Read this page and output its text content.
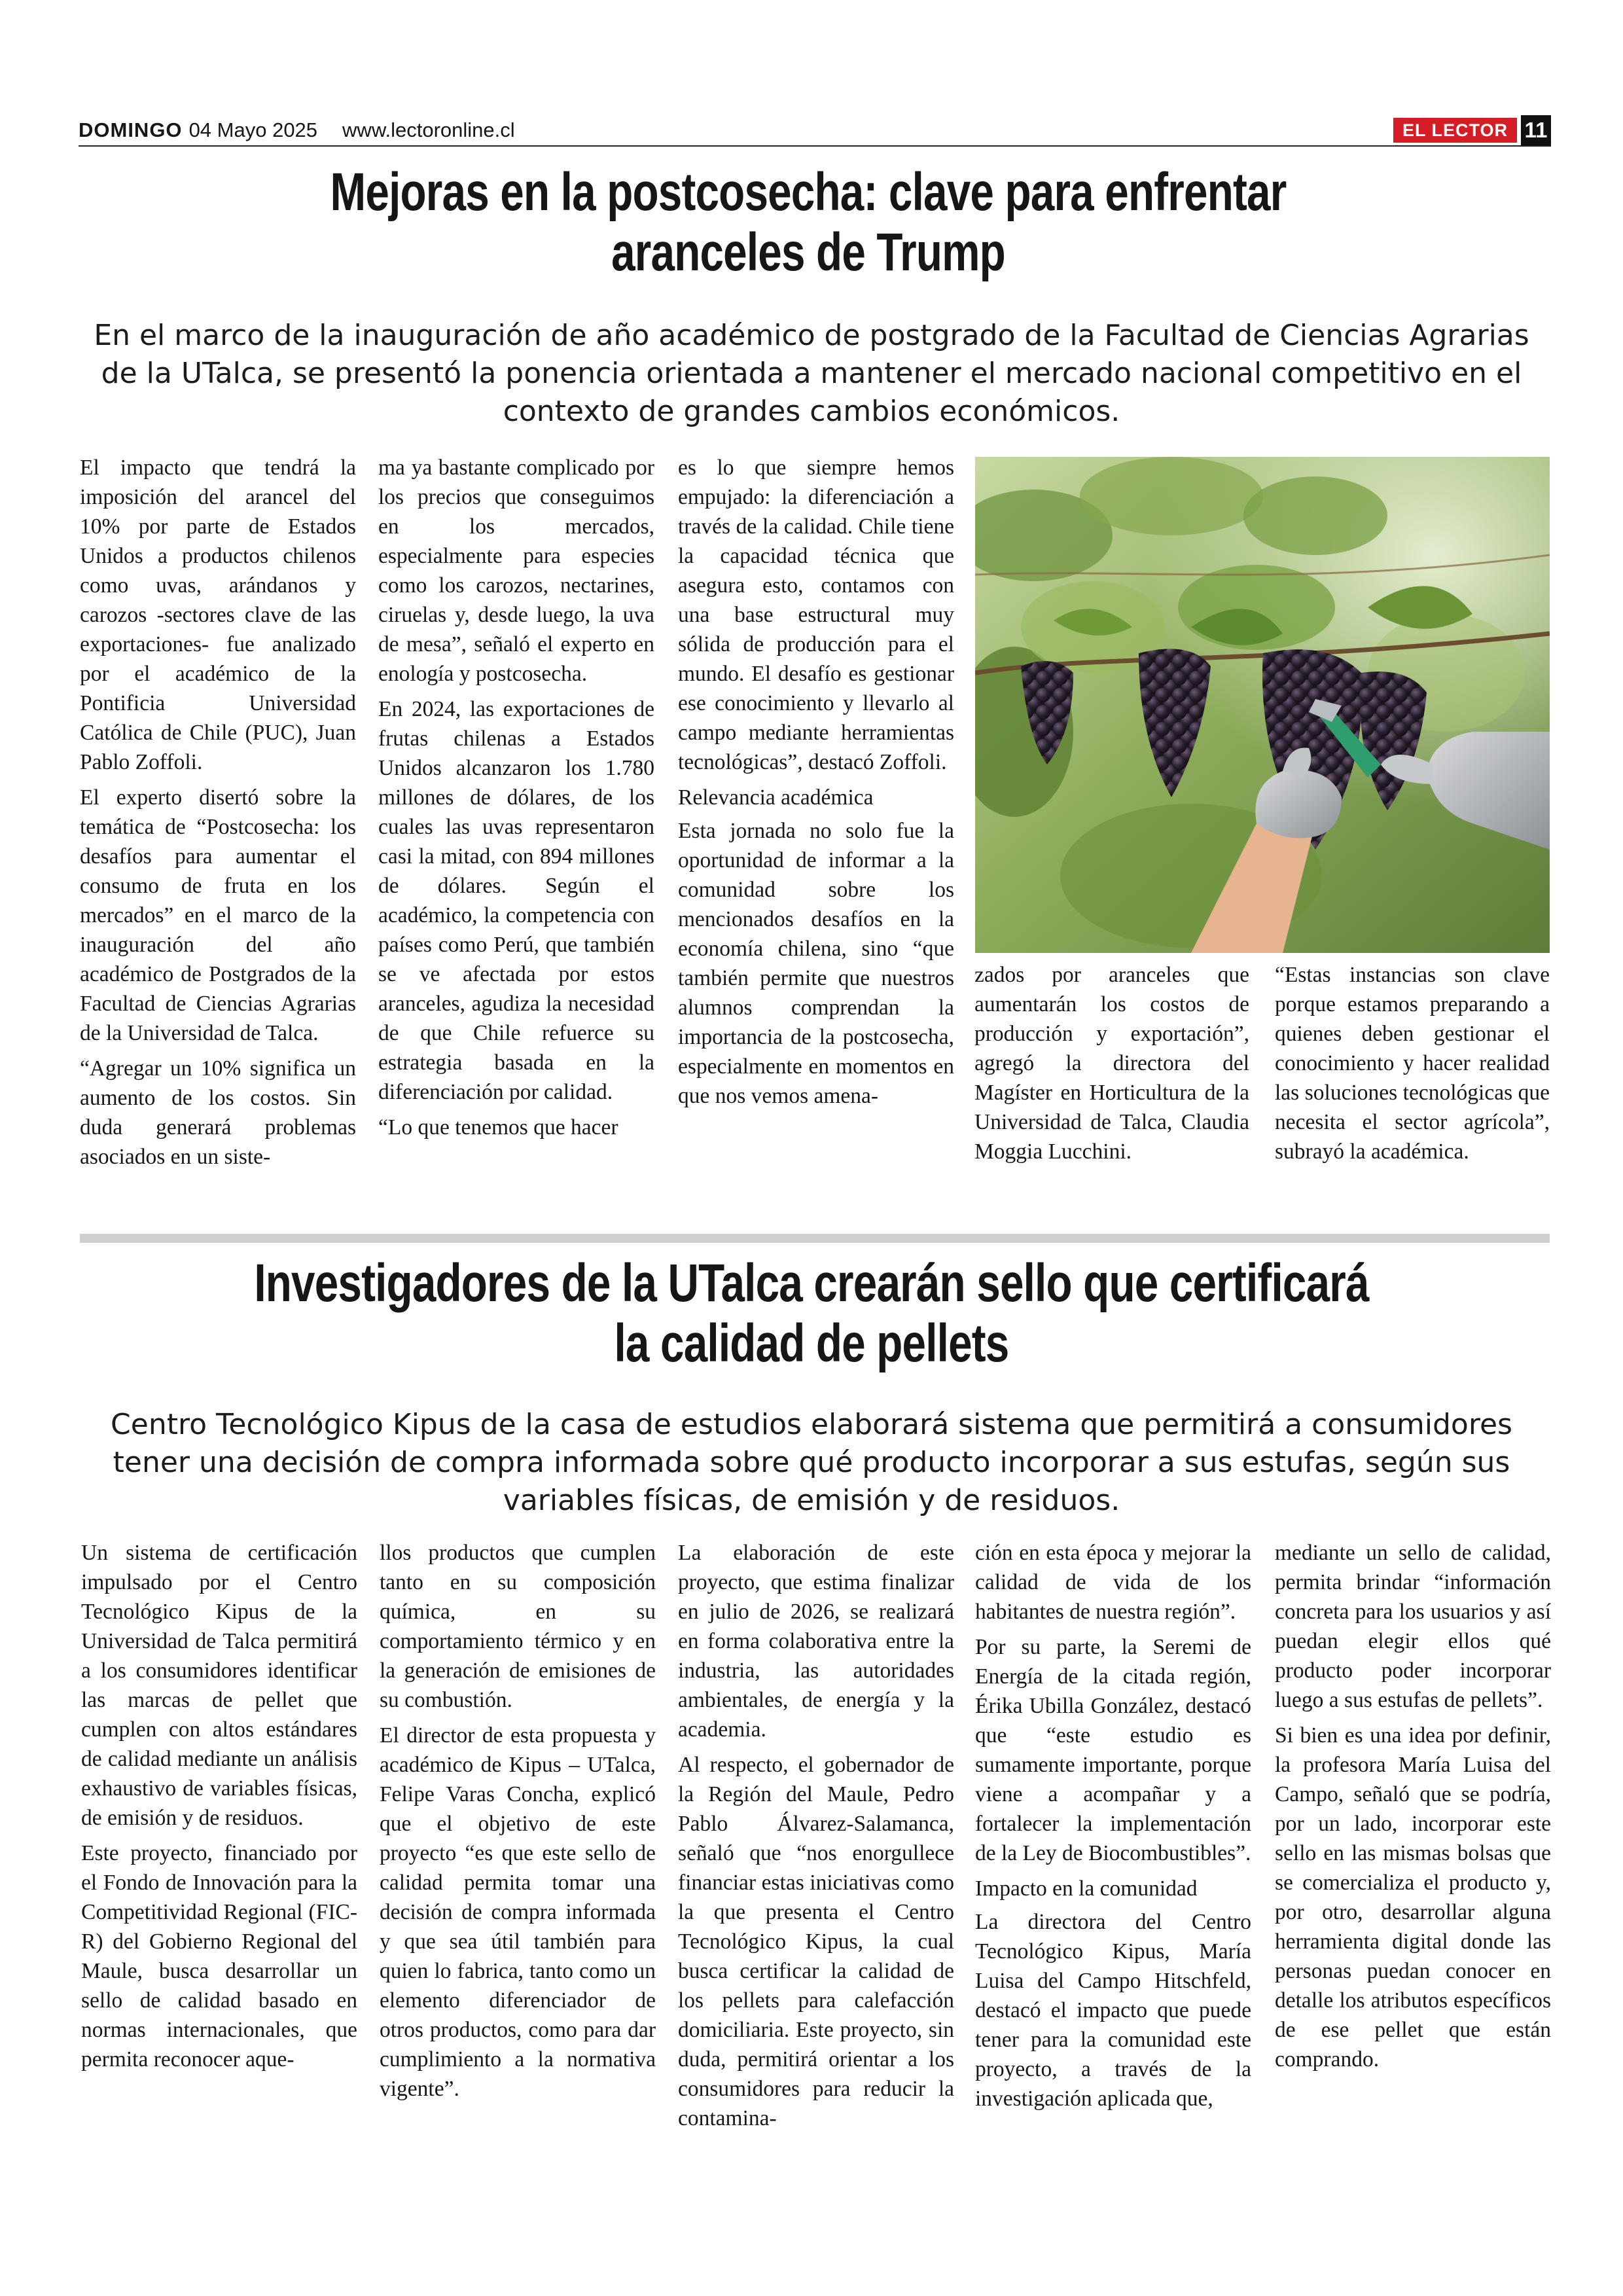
DOMINGO 04 Mayo 2025 www.lectoronline.cl	EL LECTOR 11
Mejoras en la postcosecha: clave para enfrentar
aranceles de Trump

En el marco de la inauguración de año académico de postgrado de la Facultad de Ciencias Agrarias de la UTalca, se presentó la ponencia orientada a mantener el mercado nacional competitivo en el contexto de grandes cambios económicos.

El impacto que tendrá la imposición del arancel del 10% por parte de Estados Unidos a productos chilenos como uvas, arándanos y carozos -sectores clave de las exportaciones- fue analizado por el académico de la Pontificia Universidad Católica de Chile (PUC), Juan Pablo Zoffoli.

El experto disertó sobre la temática de “Postcosecha: los desafíos para aumentar el consumo de fruta en los mercados” en el marco de la inauguración del año académico de Postgrados de la Facultad de Ciencias Agrarias de la Universidad de Talca.

“Agregar un 10% significa un aumento de los costos. Sin duda generará problemas asociados en un siste-

ma ya bastante complicado por los precios que conseguimos en los mercados, especialmente para especies como los carozos, nectarines, ciruelas y, desde luego, la uva de mesa”, señaló el experto en enología y postcosecha.

En 2024, las exportaciones de frutas chilenas a Estados Unidos alcanzaron los 1.780 millones de dólares, de los cuales las uvas representaron casi la mitad, con 894 millones de dólares. Según el académico, la competencia con países como Perú, que también se ve afectada por estos aranceles, agudiza la necesidad de que Chile refuerce su estrategia basada en la diferenciación por calidad.

“Lo que tenemos que hacer

es lo que siempre hemos empujado: la diferenciación a través de la calidad. Chile tiene la capacidad técnica que asegura esto, contamos con una base estructural muy sólida de producción para el mundo. El desafío es gestionar ese conocimiento y llevarlo al campo mediante herramientas tecnológicas”, destacó Zoffoli.

Relevancia académica

Esta jornada no solo fue la oportunidad de informar a la comunidad sobre los mencionados desafíos en la economía chilena, sino “que también permite que nuestros alumnos comprendan la importancia de la postcosecha, especialmente en momentos en que nos vemos amena-

zados por aranceles que aumentarán los costos de producción y exportación”, agregó la directora del Magíster en Horticultura de la Universidad de Talca, Claudia Moggia Lucchini.

“Estas instancias son clave porque estamos preparando a quienes deben gestionar el conocimiento y hacer realidad las soluciones tecnológicas que necesita el sector agrícola”, subrayó la académica.

Investigadores de la UTalca crearán sello que certificará
la calidad de pellets

Centro Tecnológico Kipus de la casa de estudios elaborará sistema que permitirá a consumidores tener una decisión de compra informada sobre qué producto incorporar a sus estufas, según sus variables físicas, de emisión y de residuos.

Un sistema de certificación impulsado por el Centro Tecnológico Kipus de la Universidad de Talca permitirá a los consumidores identificar las marcas de pellet que cumplen con altos estándares de calidad mediante un análisis exhaustivo de variables físicas, de emisión y de residuos.

Este proyecto, financiado por el Fondo de Innovación para la Competitividad Regional (FIC-R) del Gobierno Regional del Maule, busca desarrollar un sello de calidad basado en normas internacionales, que permita reconocer aque-

llos productos que cumplen tanto en su composición química, en su comportamiento térmico y en la generación de emisiones de su combustión.

El director de esta propuesta y académico de Kipus – UTalca, Felipe Varas Concha, explicó que el objetivo de este proyecto “es que este sello de calidad permita tomar una decisión de compra informada y que sea útil también para quien lo fabrica, tanto como un elemento diferenciador de otros productos, como para dar cumplimiento a la normativa vigente”.

La elaboración de este proyecto, que estima finalizar en julio de 2026, se realizará en forma colaborativa entre la industria, las autoridades ambientales, de energía y la academia.

Al respecto, el gobernador de la Región del Maule, Pedro Pablo Álvarez-Salamanca, señaló que “nos enorgullece financiar estas iniciativas como la que presenta el Centro Tecnológico Kipus, la cual busca certificar la calidad de los pellets para calefacción domiciliaria. Este proyecto, sin duda, permitirá orientar a los consumidores para reducir la contamina-

ción en esta época y mejorar la calidad de vida de los habitantes de nuestra región”.

Por su parte, la Seremi de Energía de la citada región, Érika Ubilla González, destacó que “este estudio es sumamente importante, porque viene a acompañar y a fortalecer la implementación de la Ley de Biocombustibles”.

Impacto en la comunidad

La directora del Centro Tecnológico Kipus, María Luisa del Campo Hitschfeld, destacó el impacto que puede tener para la comunidad este proyecto, a través de la investigación aplicada que,

mediante un sello de calidad, permita brindar “información concreta para los usuarios y así puedan elegir ellos qué producto poder incorporar luego a sus estufas de pellets”.

Si bien es una idea por definir, la profesora María Luisa del Campo, señaló que se podría, por un lado, incorporar este sello en las mismas bolsas que se comercializa el producto y, por otro, desarrollar alguna herramienta digital donde las personas puedan conocer en detalle los atributos específicos de ese pellet que están comprando.
